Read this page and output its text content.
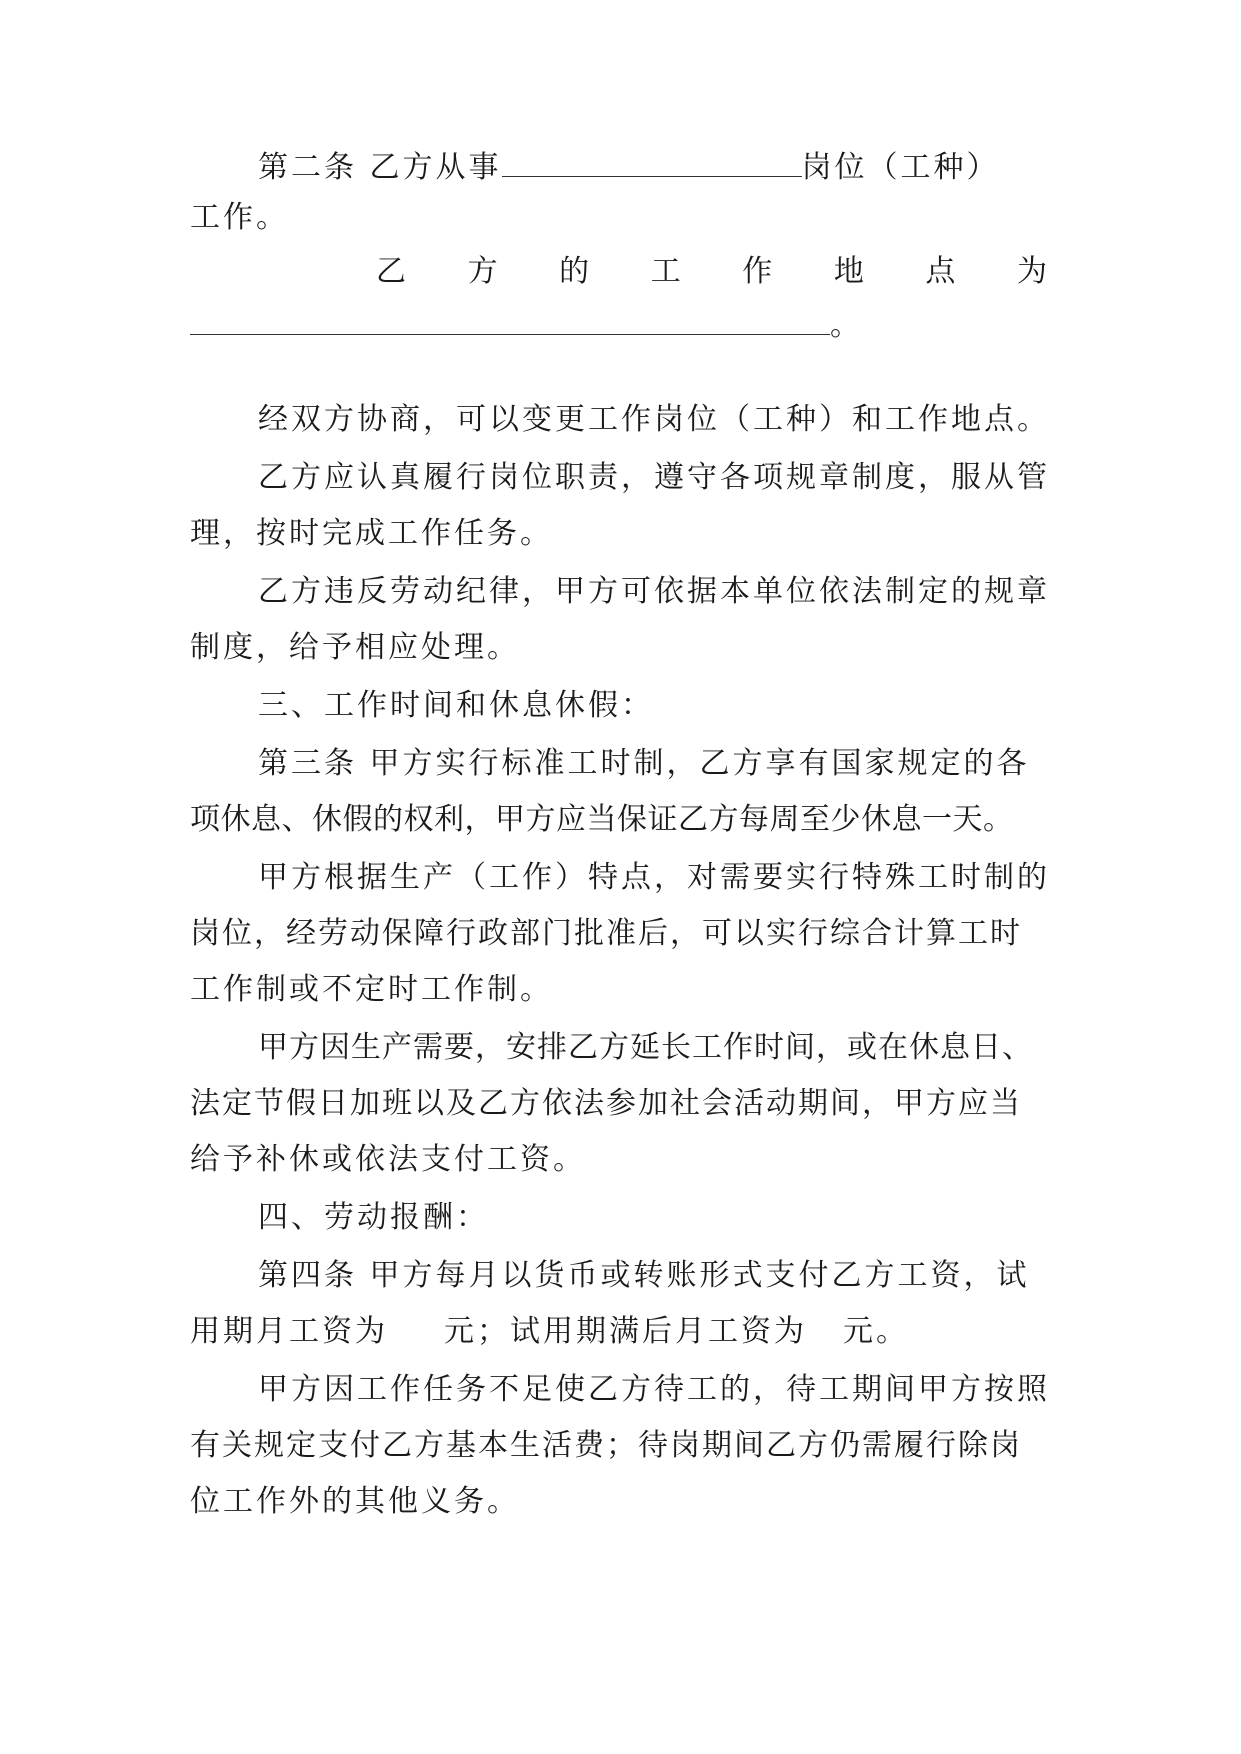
第二条 乙方从事	岗位（工种）
工作。
乙 方 的 工 作 地 点 为
。
经双方协商，可以变更工作岗位（工种）和工作地点。
乙方应认真履行岗位职责，遵守各项规章制度，服从管
理，按时完成工作任务。
乙方违反劳动纪律，甲方可依据本单位依法制定的规章
制度，给予相应处理。
三、工作时间和休息休假：
第三条 甲方实行标准工时制，乙方享有国家规定的各
项休息、休假的权利，甲方应当保证乙方每周至少休息一天。
甲方根据生产（工作）特点，对需要实行特殊工时制的
岗位，经劳动保障行政部门批准后，可以实行综合计算工时
工作制或不定时工作制。
甲方因生产需要，安排乙方延长工作时间，或在休息日、
法定节假日加班以及乙方依法参加社会活动期间，甲方应当
给予补休或依法支付工资。
四、劳动报酬：
第四条 甲方每月以货币或转账形式支付乙方工资，试
用期月工资为 元；试用期满后月工资为 元。
甲方因工作任务不足使乙方待工的，待工期间甲方按照
有关规定支付乙方基本生活费；待岗期间乙方仍需履行除岗
位工作外的其他义务。
